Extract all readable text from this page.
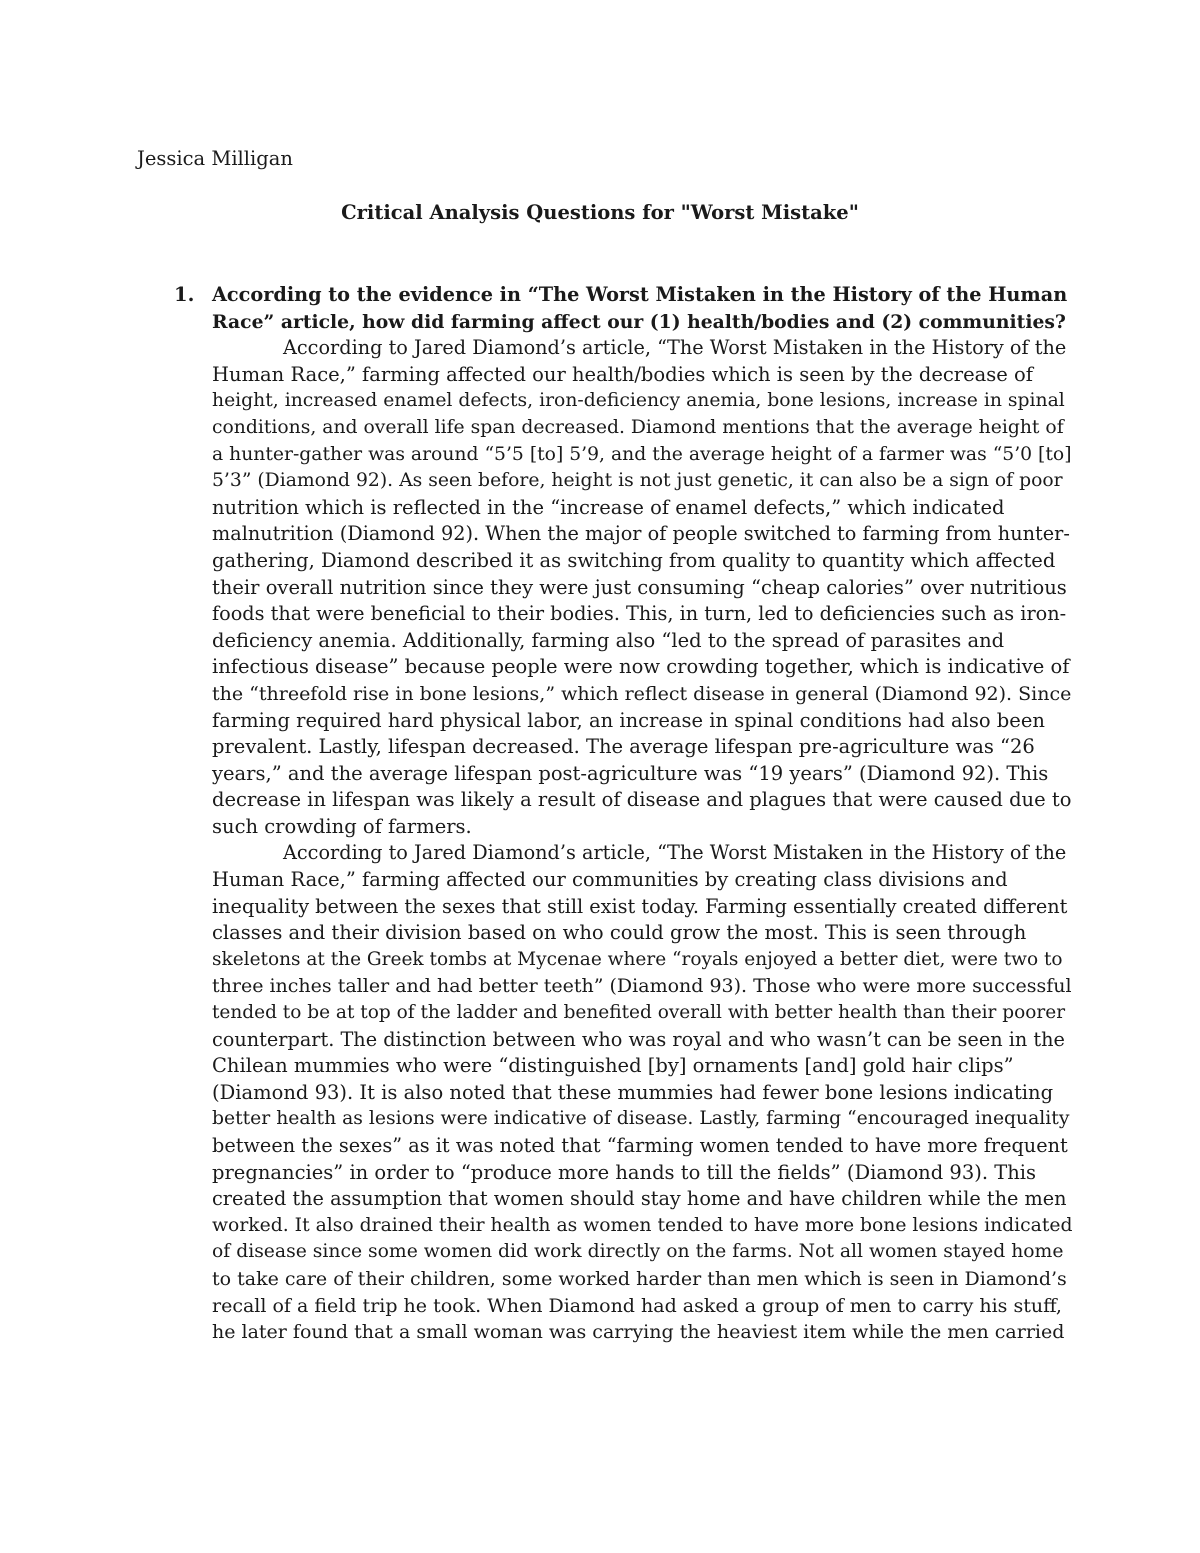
Jessica Milligan
Critical Analysis Questions for "Worst Mistake"
1. According to the evidence in “The Worst Mistaken in the History of the Human
Race” article, how did farming affect our (1) health/bodies and (2) communities?
According to Jared Diamond’s article, “The Worst Mistaken in the History of the
Human Race,” farming affected our health/bodies which is seen by the decrease of
height, increased enamel defects, iron-deficiency anemia, bone lesions, increase in spinal
conditions, and overall life span decreased. Diamond mentions that the average height of
a hunter-gather was around “5’5 [to] 5’9, and the average height of a farmer was “5’0 [to]
5’3” (Diamond 92). As seen before, height is not just genetic, it can also be a sign of poor
nutrition which is reflected in the “increase of enamel defects,” which indicated
malnutrition (Diamond 92). When the major of people switched to farming from hunter-
gathering, Diamond described it as switching from quality to quantity which affected
their overall nutrition since they were just consuming “cheap calories” over nutritious
foods that were beneficial to their bodies. This, in turn, led to deficiencies such as iron-
deficiency anemia. Additionally, farming also “led to the spread of parasites and
infectious disease” because people were now crowding together, which is indicative of
the “threefold rise in bone lesions,” which reflect disease in general (Diamond 92). Since
farming required hard physical labor, an increase in spinal conditions had also been
prevalent. Lastly, lifespan decreased. The average lifespan pre-agriculture was “26
years,” and the average lifespan post-agriculture was “19 years” (Diamond 92). This
decrease in lifespan was likely a result of disease and plagues that were caused due to
such crowding of farmers.
According to Jared Diamond’s article, “The Worst Mistaken in the History of the
Human Race,” farming affected our communities by creating class divisions and
inequality between the sexes that still exist today. Farming essentially created different
classes and their division based on who could grow the most. This is seen through
skeletons at the Greek tombs at Mycenae where “royals enjoyed a better diet, were two to
three inches taller and had better teeth” (Diamond 93). Those who were more successful
tended to be at top of the ladder and benefited overall with better health than their poorer
counterpart. The distinction between who was royal and who wasn’t can be seen in the
Chilean mummies who were “distinguished [by] ornaments [and] gold hair clips”
(Diamond 93). It is also noted that these mummies had fewer bone lesions indicating
better health as lesions were indicative of disease. Lastly, farming “encouraged inequality
between the sexes” as it was noted that “farming women tended to have more frequent
pregnancies” in order to “produce more hands to till the fields” (Diamond 93). This
created the assumption that women should stay home and have children while the men
worked. It also drained their health as women tended to have more bone lesions indicated
of disease since some women did work directly on the farms. Not all women stayed home
to take care of their children, some worked harder than men which is seen in Diamond’s
recall of a field trip he took. When Diamond had asked a group of men to carry his stuff,
he later found that a small woman was carrying the heaviest item while the men carried
